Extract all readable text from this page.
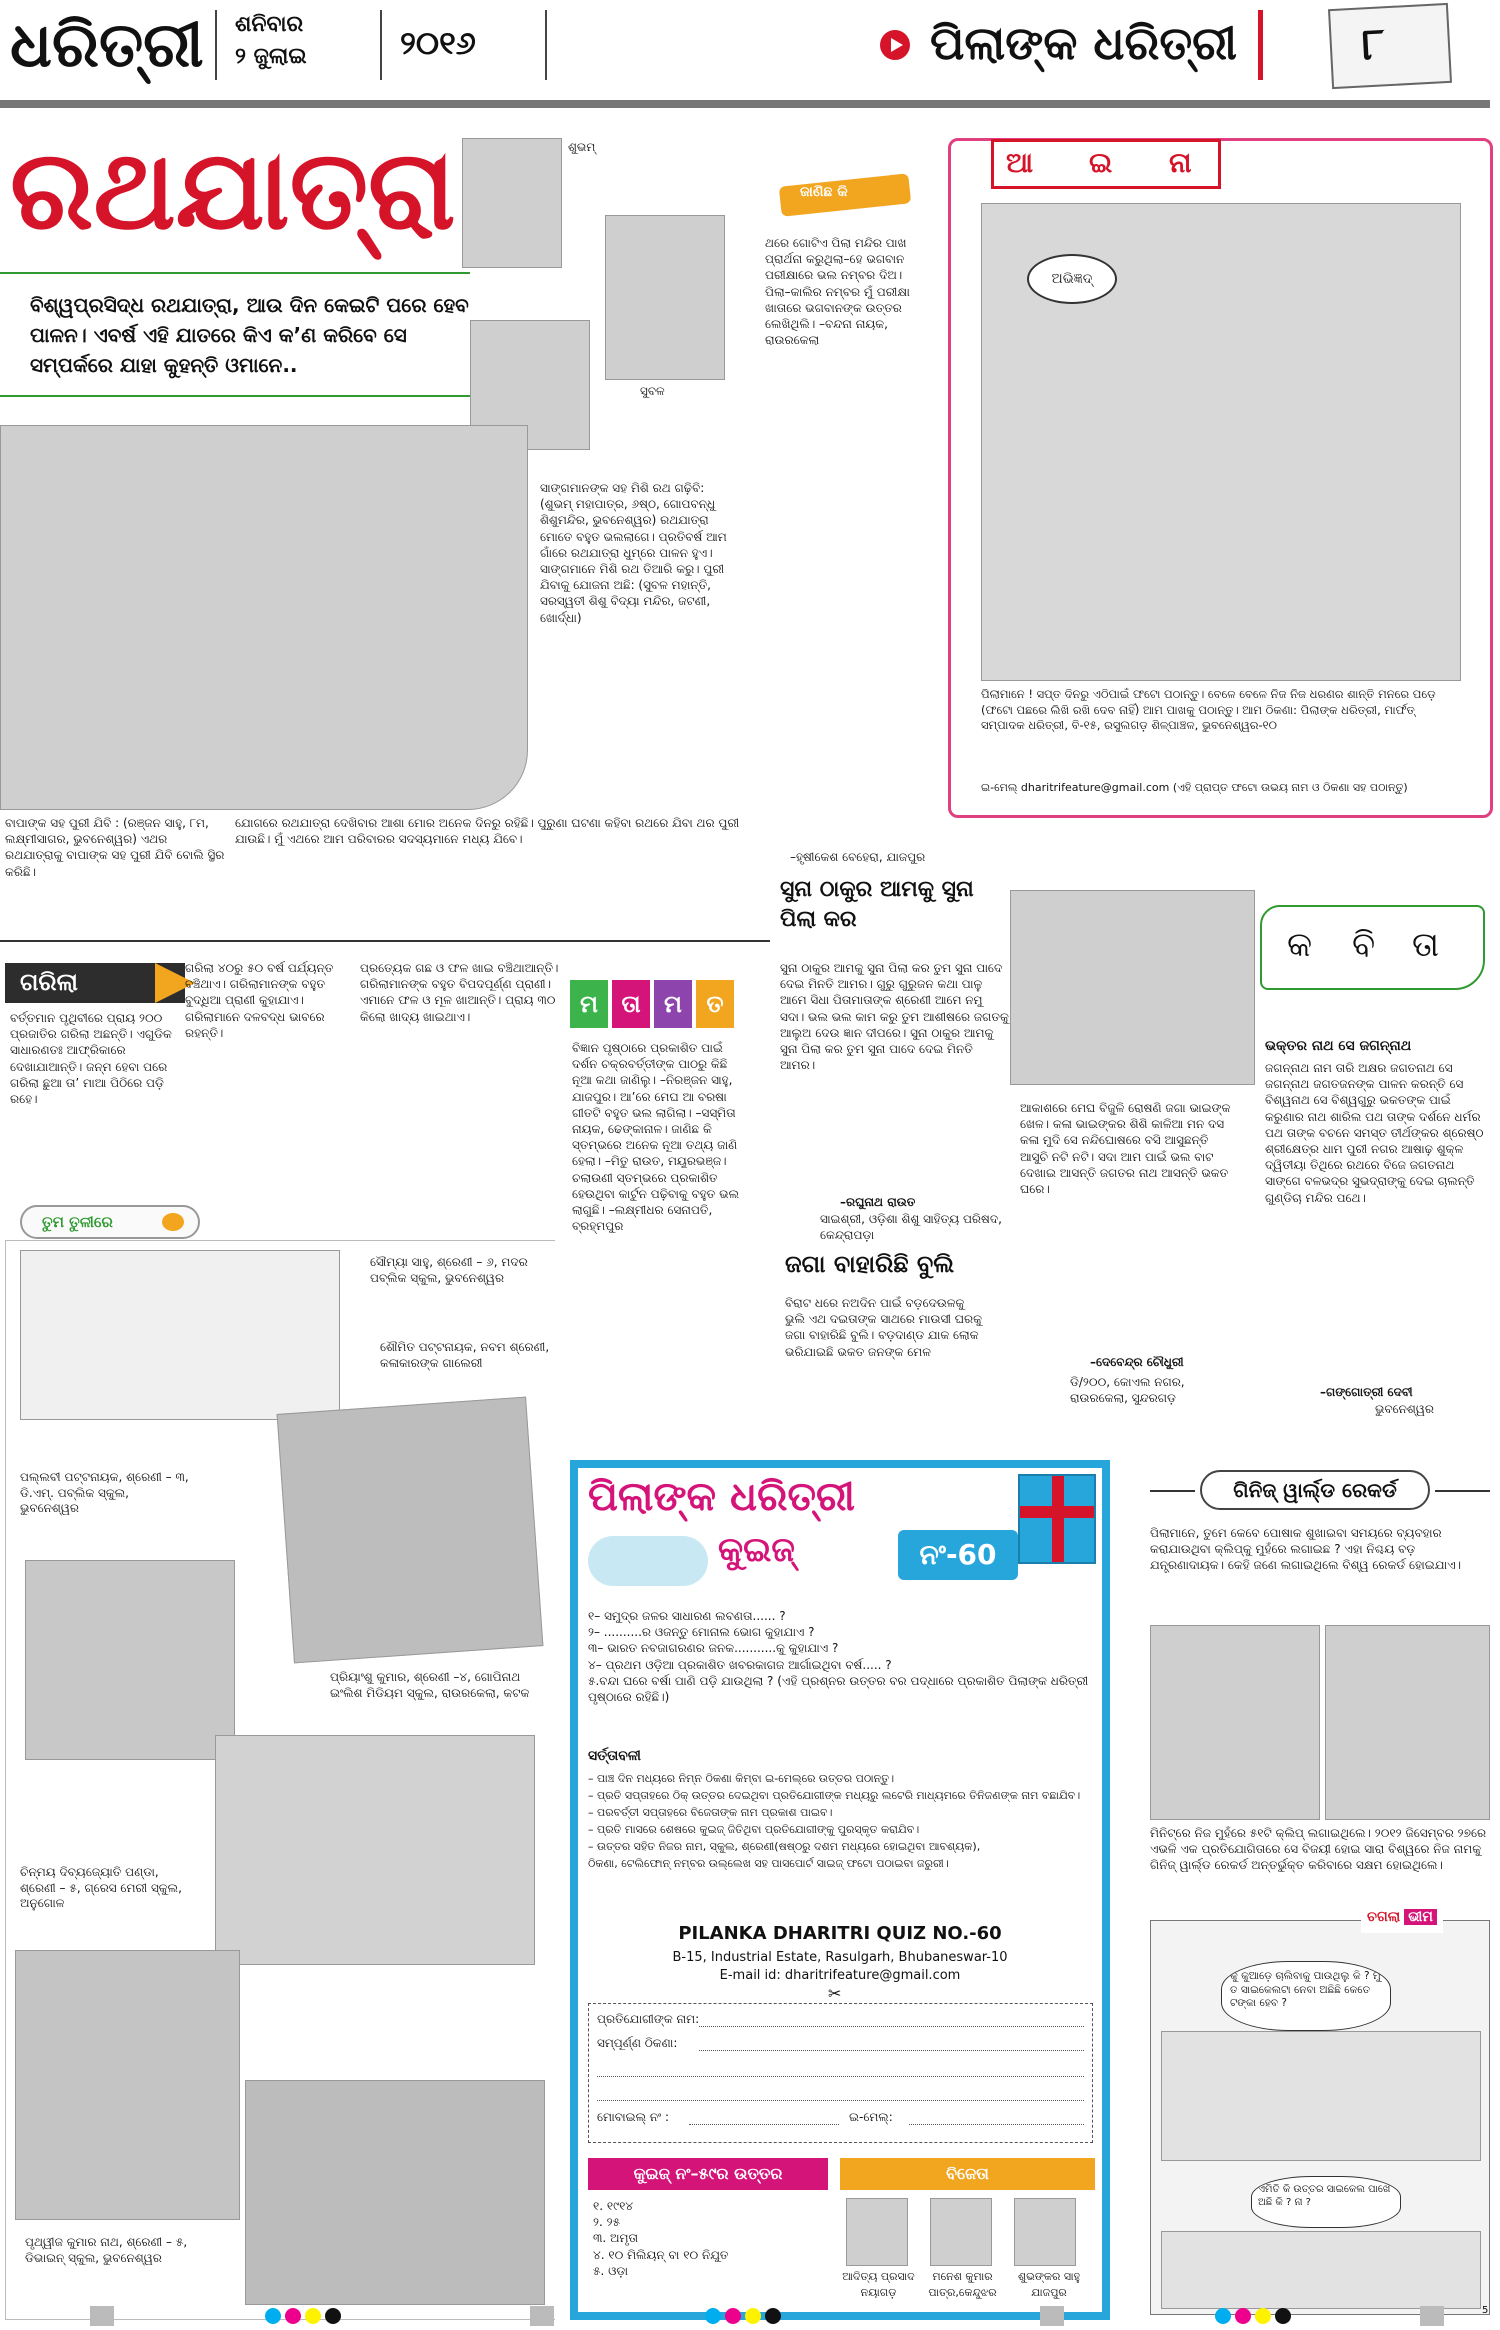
ଧରିତ୍ରୀ ଶନିବାର
୨ ଜୁଲାଇ	୨୦୧୬	ପିଲାଙ୍କ ଧରିତ୍ରୀ	୮
ରଥଯାତ୍ରା	ଶୁଭମ୍
ସୁବଳ
ବିଶ୍ୱପ୍ରସିଦ୍ଧ ରଥଯାତ୍ରା, ଆଉ ଦିନ କେଇଟି ପରେ ହେବ ପାଳନ। ଏବର୍ଷ ଏହି ଯାତରେ କିଏ କ’ଣ କରିବେ ସେ ସମ୍ପର୍କରେ ଯାହା କୁହନ୍ତି ଓମାନେ..
ସାଙ୍ଗମାନଙ୍କ ସହ ମିଶି ରଥ ଗଢ଼ିବି: (ଶୁଭମ୍ ମହାପାତ୍ର, ୬ଷ୍ଠ, ଗୋପବନ୍ଧୁ ଶିଶୁମନ୍ଦିର, ଭୁବନେଶ୍ୱର) ରଥଯାତ୍ରା ମୋତେ ବହୁତ ଭଲଲାଗେ। ପ୍ରତିବର୍ଷ ଆମ ଗାଁରେ ରଥଯାତ୍ରା ଧୁମ୍‌ରେ ପାଳନ ହୁଏ। ସାଙ୍ଗମାନେ ମିଶି ରଥ ତିଆରି କରୁ। ପୁରୀ ଯିବାକୁ ଯୋଜନା ଅଛି: (ସୁବଳ ମହାନ୍ତି, ସରସ୍ୱତୀ ଶିଶୁ ବିଦ୍ୟା ମନ୍ଦିର, ଜଟଣୀ, ଖୋର୍ଦ୍ଧା)
ବାପାଙ୍କ ସହ ପୁରୀ ଯିବି : (ରଞ୍ଜନ ସାହୁ, ୮ମ, ଲକ୍ଷ୍ମୀସାଗର, ଭୁବନେଶ୍ୱର) ଏଥର ରଥଯାତ୍ରାକୁ ବାପାଙ୍କ ସହ ପୁରୀ ଯିବି ବୋଲି ସ୍ଥିର କରିଛି।
ଯୋଗରେ ରଥଯାତ୍ରା ଦେଖିବାର ଆଶା ମୋର ଅନେକ ଦିନରୁ ରହିଛି। ପୁରୁଣା ଘଟଣା କହିବା ରଥରେ ଯିବା ଥର ପୁରୀ ଯାଉଛି। ମୁଁ ଏଥରେ ଆମ ପରିବାରର ସଦସ୍ୟମାନେ ମଧ୍ୟ ଯିବେ।
ଜାଣିଛ କି
ଥରେ ଗୋଟିଏ ପିଲା ମନ୍ଦିର ପାଖ ପ୍ରାର୍ଥନା କରୁଥିଲା–ହେ ଭଗବାନ ପରୀକ୍ଷାରେ ଭଲ ନମ୍ବର ଦିଅ। ପିଲା–କାଲିର ନମ୍ବର ମୁଁ ପରୀକ୍ଷା ଖାତାରେ ଭଗବାନଙ୍କ ଉତ୍ତର ଲେଖିଥିଲି। –ବନ୍ଦନା ନାୟକ, ରାଉରକେଲା
–ହୃଷୀକେଶ ବେହେରା, ଯାଜପୁର
ଆ ଇ ନା
ଅଭିଜ୍ଞଦ୍
ପିଲାମାନେ ! ସପ୍ତ ଦିନରୁ ଏଠିପାଇଁ ଫଟୋ ପଠାନ୍ତୁ। ବେଳେ ବେଳେ ନିଜ ନିଜ ଧରଣର ଶାନ୍ତି ମନରେ ପଡ଼େ (ଫଟୋ ପଛରେ ଲିଖି ରଖି ଦେବ ନାହିଁ) ଆମ ପାଖକୁ ପଠାନ୍ତୁ। ଆମ ଠିକଣା: ପିଲାଙ୍କ ଧରିତ୍ରୀ, ମାର୍ଫତ୍ ସମ୍ପାଦକ ଧରିତ୍ରୀ, ବି-୧୫, ରସୁଲଗଡ଼ ଶିଳ୍ପାଞ୍ଚଳ, ଭୁବନେଶ୍ୱର-୧୦
ଇ-ମେଲ୍ dharitrifeature@gmail.com (ଏହି ପ୍ରାପ୍ତ ଫଟୋ ଉଭୟ ନାମ ଓ ଠିକଣା ସହ ପଠାନ୍ତୁ)
ଗରିଲା
ବର୍ତ୍ତମାନ ପୃଥିବୀରେ ପ୍ରାୟ ୨୦୦ ପ୍ରଜାତିର ଗରିଲା ଅଛନ୍ତି। ଏଗୁଡିକ ସାଧାରଣତଃ ଆଫ୍ରିକାରେ ଦେଖାଯାଆନ୍ତି। ଜନ୍ମ ହେବା ପରେ ଗରିଲା ଛୁଆ ତା’ ମାଆ ପିଠିରେ ପଡ଼ି ରହେ।
ଗରିଲା ୪୦ରୁ ୫୦ ବର୍ଷ ପର୍ଯ୍ୟନ୍ତ ବଞ୍ଚିଥାଏ। ଗରିଲାମାନଙ୍କ ବହୁତ ବୁଦ୍ଧିଆ ପ୍ରାଣୀ କୁହାଯାଏ। ଗରିଲାମାନେ ଦଳବଦ୍ଧ ଭାବରେ ରହନ୍ତି।
ପ୍ରତ୍ୟେକ ଗଛ ଓ ଫଳ ଖାଇ ବଞ୍ଚିଥାଆନ୍ତି। ଗରିଲାମାନଙ୍କ ବହୁତ ବିପଦପୂର୍ଣ୍ଣ ପ୍ରାଣୀ। ଏମାନେ ଫଳ ଓ ମୂଳ ଖାଆନ୍ତି। ପ୍ରାୟ ୩୦ କିଲୋ ଖାଦ୍ୟ ଖାଇଥାଏ।	ମ ତା ମ	ତ
ବିଜ୍ଞାନ ପୃଷ୍ଠାରେ ପ୍ରକାଶିତ ପାଇଁ ଦର୍ଶନ ଚକ୍ରବର୍ତ୍ତୀଙ୍କ ପାଠରୁ କିଛି ନୂଆ କଥା ଜାଣିଲୁ। –ନିରଞ୍ଜନ ସାହୁ, ଯାଜପୁର। ଆ’ରେ ମେଘ ଆ ବରଷା ଗୀତଟି ବହୁତ ଭଲ ଲାଗିଲା। –ସସ୍ମିତା ନାୟକ, ଢେଙ୍କାନାଳ। ଜାଣିଛ କି ସ୍ତମ୍ଭରେ ଅନେକ ନୂଆ ତଥ୍ୟ ଜାଣି ହେଲା। –ମିତୁ ରାଉତ, ମୟୂରଭଞ୍ଜ। ଚଲାଉଣୀ ସ୍ତମ୍ଭରେ ପ୍ରକାଶିତ ହେଉଥିବା କାର୍ଟୁନ ପଢ଼ିବାକୁ ବହୁତ ଭଲ ଲାଗୁଛି। –ଲକ୍ଷ୍ମୀଧର ସେନାପତି, ବ୍ରହ୍ମପୁର
ସୁନା ଠାକୁର ଆମକୁ ସୁନା ପିଲା କର
ସୁନା ଠାକୁର ଆମକୁ ସୁନା ପିଲା କର ତୁମ ସୁନା ପାଦେ ଦେଇ ମିନତି ଆମର। ଗୁରୁ ଗୁରୁଜନ କଥା ପାଳୁ ଆମେ ସିଧା ପିତାମାତାଙ୍କ ଶ୍ରେଣୀ ଆମେ ନମୁ ସଦା। ଭଲ ଭଲ କାମ କରୁ ତୁମ ଆଶୀଷରେ ଜଗତକୁ ଆଲୁଅ ଦେଉ ଜ୍ଞାନ ଦୀପରେ। ସୁନା ଠାକୁର ଆମକୁ ସୁନା ପିଲା କର ତୁମ ସୁନା ପାଦେ ଦେଇ ମିନତି ଆମର।
–ରଘୁନାଥ ରାଉତ
ସାଇଶ୍ରୀ, ଓଡ଼ିଶା ଶିଶୁ ସାହିତ୍ୟ ପରିଷଦ, କେନ୍ଦ୍ରାପଡ଼ା
ଜଗା ବାହାରିଛି ବୁଲି
ବିରାଟ ଧରେ ନଅଦିନ ପାଇଁ ବଡ଼ଦେଉଳକୁ ଭୁଲି ଏଥ ଦଇତାଙ୍କ ସାଥରେ ମାଉସୀ ଘରକୁ ଜଗା ବାହାରିଛି ବୁଲି। ବଡ଼ଦାଣ୍ଡ ଯାକ ଲୋକ ଭରିଯାଇଛି ଭକତ ଜନଙ୍କ ମେଳ
ଆକାଶରେ ମେଘ ବିଜୁଳି ରୋଷଣି ଜଗା ଭାଇଙ୍କ ଖେଳ। କଳା ଭାଇଙ୍କର ଶିଶି କାଳିଆ ମନ ଦସ କଳା ମୁଦି ସେ ନନ୍ଦିଘୋଷରେ ବସି ଆସୁଛନ୍ତି ଆସୁଚି ନଟି ନଟି। ସଦା ଆମ ପାଇଁ ଭଲ ବାଟ ଦେଖାଇ ଆସନ୍ତି ଜଗତର ନାଥ ଆସନ୍ତି ଭକତ ଘରେ।
–ଦେବେନ୍ଦ୍ର ଚୌଧୁରୀ
ଡି/୨୦୦, କୋଏଲ ନଗର, ରାଉରକେଲା, ସୁନ୍ଦରଗଡ଼
କ ବି ତା
ଭକ୍ତର ନାଥ ସେ ଜଗନ୍ନାଥ
ଜଗନ୍ନାଥ ନାମ ତାରି ଅକ୍ଷର ଜଗତନାଥ ସେ ଜଗନ୍ନାଥ ଜଗତଜନଙ୍କ ପାଳନ କରନ୍ତି ସେ ବିଶ୍ୱନାଥ ସେ ବିଶ୍ୱଗୁରୁ ଭକତଙ୍କ ପାଇଁ କରୁଣାର ନାଥ ଶାରିଲ ପଥ ତାଙ୍କ ଦର୍ଶନେ ଧର୍ମର ପଥ ତାଙ୍କ ବଚନେ ସମସ୍ତ ତୀର୍ଥଙ୍କର ଶ୍ରେଷ୍ଠ ଶ୍ରୀକ୍ଷେତ୍ର ଧାମ ପୁରୀ ନଗର ଆଷାଢ଼ ଶୁକ୍ଳ ଦ୍ୱିତୀୟା ତିଥିରେ ରଥରେ ବିଜେ ଜଗତନାଥ ସାଙ୍ଗେ ବଳଭଦ୍ର ସୁଭଦ୍ରାଙ୍କୁ ଦେଇ ଚାଲନ୍ତି ଗୁଣ୍ଡିଚା ମନ୍ଦିର ପଥେ।
–ଗଙ୍ଗୋତ୍ରୀ ଦେବୀ
ଭୁବନେଶ୍ୱର
ତୁମ ତୁଳୀରେ
ସୌମ୍ୟା ସାହୁ, ଶ୍ରେଣୀ – ୬, ମଦର ପବ୍ଲିକ ସ୍କୁଲ, ଭୁବନେଶ୍ୱର
ଶୌମିତ ପଟ୍ଟନାୟକ, ନବମ ଶ୍ରେଣୀ, କଳାକାରଙ୍କ ଗାଲେରୀ
ପଲ୍ଲବୀ ପଟ୍ଟନାୟକ, ଶ୍ରେଣୀ – ୩, ଡି.ଏମ୍. ପବ୍ଲିକ ସ୍କୁଲ, ଭୁବନେଶ୍ୱର
ପ୍ରିୟାଂଶୁ କୁମାର, ଶ୍ରେଣୀ –୪, ଗୋପିନାଥ ଇଂଲିଶ ମିଡିୟମ ସ୍କୁଲ, ରାଉରକେଲା, କଟକ
ଚିନ୍ମୟ ଦିବ୍ୟଜ୍ୟୋତି ପଣ୍ଡା, ଶ୍ରେଣୀ – ୫, ଗ୍ରେସ ମେରୀ ସ୍କୁଲ, ଅନୁଗୋଳ
ପୃଥ୍ୱୀଜ କୁମାର ନାଥ, ଶ୍ରେଣୀ – ୫, ଡିଭାଇନ୍ ସ୍କୁଲ, ଭୁବନେଶ୍ୱର
ପିଲାଙ୍କ ଧରିତ୍ରୀ
କୁଇଜ୍	ନଂ-60
୧– ସମୁଦ୍ର ଜଳର ସାଧାରଣ ଲବଣତା...... ?
୨– ..........ର ଓଜନ୍ତୁ ମୋନାଲ ଭୋଗ କୁହାଯାଏ ?
୩– ଭାରତ ନବଜାଗରଣର ଜନକ...........କୁ କୁହାଯାଏ ?
୪– ପ୍ରଥମ ଓଡ଼ିଆ ପ୍ରକାଶିତ ଖବରକାଗଜ ଆର୍ଗାଇଥିବା ବର୍ଷ..... ?
୫.ବନ୍ଦା ଘରେ ବର୍ଷା ପାଣି ପଡ଼ି ଯାଉଥିଲା ? (ଏହି ପ୍ରଶ୍ନର ଉତ୍ତର ବର ପଦ୍ଧାରେ ପ୍ରକାଶିତ ପିଲାଙ୍କ ଧରିତ୍ରୀ ପୃଷ୍ଠାରେ ରହିଛି।)
ସର୍ତ୍ତାବଳୀ
– ପାଞ୍ଚ ଦିନ ମଧ୍ୟରେ ନିମ୍ନ ଠିକଣା କିମ୍ବା ଇ-ମେଲ୍‌ରେ ଉତ୍ତର ପଠାନ୍ତୁ।
– ପ୍ରତି ସପ୍ତାହରେ ଠିକ୍ ଉତ୍ତର ଦେଇଥିବା ପ୍ରତିଯୋଗୀଙ୍କ ମଧ୍ୟରୁ ଲଟେରି ମାଧ୍ୟମରେ ତିନିଜଣଙ୍କ ନାମ ବଛାଯିବ।
– ପରବର୍ତ୍ତୀ ସପ୍ତାହରେ ବିଜେତାଙ୍କ ନାମ ପ୍ରକାଶ ପାଇବ।
– ପ୍ରତି ମାସରେ ଶେଷରେ କୁଇଜ୍ ଜିତିଥିବା ପ୍ରତିଯୋଗୀଙ୍କୁ ପୁରସ୍କୃତ କରାଯିବ।
– ଉତ୍ତର ସହିତ ନିଜର ନାମ, ସ୍କୁଲ, ଶ୍ରେଣୀ(ଷଷ୍ଠରୁ ଦଶମ ମଧ୍ୟରେ ହୋଇଥିବା ଆବଶ୍ୟକ),
ଠିକଣା, ଟେଲିଫୋନ୍ ନମ୍ବର ଉଲ୍ଲେଖ ସହ ପାସପୋର୍ଟ ସାଇଜ୍ ଫଟୋ ପଠାଇବା ଜରୁରୀ।
PILANKA DHARITRI QUIZ NO.-60
B-15, Industrial Estate, Rasulgarh, Bhubaneswar-10
E-mail id: dharitrifeature@gmail.com
✂
ପ୍ରତିଯୋଗୀଙ୍କ ନାମ:
ସମ୍ପୂର୍ଣ୍ଣ ଠିକଣା:
ମୋବାଇଲ୍ ନଂ :	ଇ-ମେଲ୍:
କୁଇଜ୍ ନଂ–୫୯ର ଉତ୍ତର	ବିଜେତା
୧. ୧୯୧୪
୨. ୨୫
୩. ଅମୃତା
୪. ୧୦ ମିଲିୟନ୍ ବା ୧୦ ନିଯୁତ
୫. ଓଡ଼ା	ଆଦିତ୍ୟ ପ୍ରସାଦ
ନୟାଗଡ଼
ମନେଶ କୁମାର
ପାତ୍ର,କେନ୍ଦୁଝର
ଶୁଭଙ୍କର ସାହୁ
ଯାଜପୁର
ଗିନିଜ୍ ୱାର୍ଲ୍ଡ ରେକର୍ଡ
ପିଲାମାନେ, ତୁମେ କେବେ ପୋଷାକ ଶୁଖାଇବା ସମୟରେ ବ୍ୟବହାର କରାଯାଉଥିବା କ୍ଲିପ୍‌କୁ ମୁହଁରେ ଲଗାଇଛ ? ଏହା ନିଶ୍ଚୟ ବଡ଼ ଯନ୍ତ୍ରଣାଦାୟକ। କେହି ଜଣେ ଲଗାଇଥିଲେ ବିଶ୍ୱ ରେକର୍ଡ ହୋଇଯାଏ।
ମିନିଟ୍‌ରେ ନିଜ ମୁହଁରେ ୫୧ଟି କ୍ଲିପ୍ ଲଗାଇଥିଲେ। ୨୦୧୨ ଜିସେମ୍ବର ୨୭ରେ ଏଭଳି ଏକ ପ୍ରତିଯୋଗିତାରେ ସେ ବିଜୟୀ ହୋଇ ସାରା ବିଶ୍ୱରେ ନିଜ ନାମକୁ ଗିନିଜ୍ ୱାର୍ଲ୍ଡ ରେକର୍ଡ ଅନ୍ତର୍ଭୁକ୍ତ କରିବାରେ ସକ୍ଷମ ହୋଇଥିଲେ।
ଚଗଲା ଭୀମ
କୁ କୁଆଡ଼େ ଚାଲିବାକୁ ପାଉଥିଲୁ କି ? ମୁଁ ତ ସାଇକେଲଟା ନେବା ଅଛିଛି କେତେ ଟଙ୍କା ହେବ ?
ଏମିତି କି ଉତ୍ତର ସାଇକେଲ ପାଖେ ଅଛି କି ? ନା ?
5
